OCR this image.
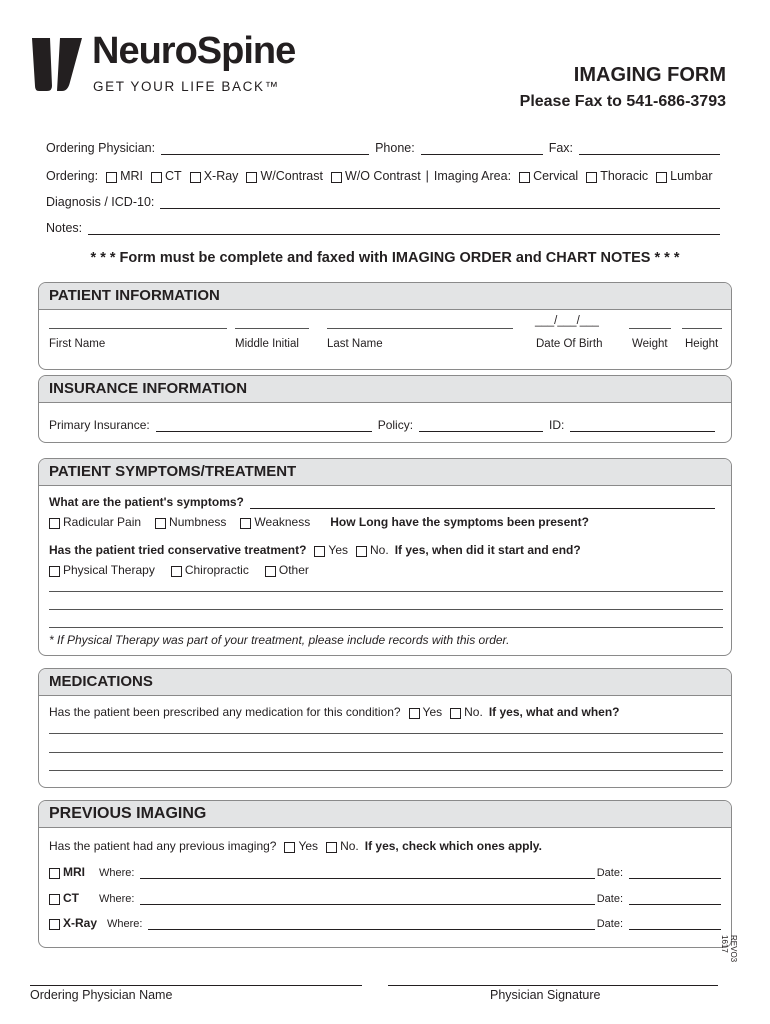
NeuroSpine
GET YOUR LIFE BACK™
IMAGING FORM
Please Fax to 541-686-3793
Ordering Physician:	Phone:	Fax:
Ordering: MRI CT X-Ray W/Contrast W/O Contrast | Imaging Area: Cervical Thoracic Lumbar
Diagnosis / ICD-10:
Notes:
* * * Form must be complete and faxed with IMAGING ORDER and CHART NOTES * * *
PATIENT INFORMATION
___/___/___
First Name	Middle Initial Last Name	Date Of Birth	Weight Height
INSURANCE INFORMATION
Primary Insurance:	Policy:	ID:
PATIENT SYMPTOMS/TREATMENT
What are the patient's symptoms?
Radicular Pain Numbness Weakness How Long have the symptoms been present?
Has the patient tried conservative treatment? Yes No. If yes, when did it start and end?
Physical Therapy	Chiropractic	Other
* If Physical Therapy was part of your treatment, please include records with this order.
MEDICATIONS
Has the patient been prescribed any medication for this condition? Yes No. If yes, what and when?
PREVIOUS IMAGING
Has the patient had any previous imaging? Yes No. If yes, check which ones apply.
MRI	Where:	Date:
CT	Where:	Date:
X-Ray Where:	Date:
REVO3 1617
Ordering Physician Name	Physician Signature
